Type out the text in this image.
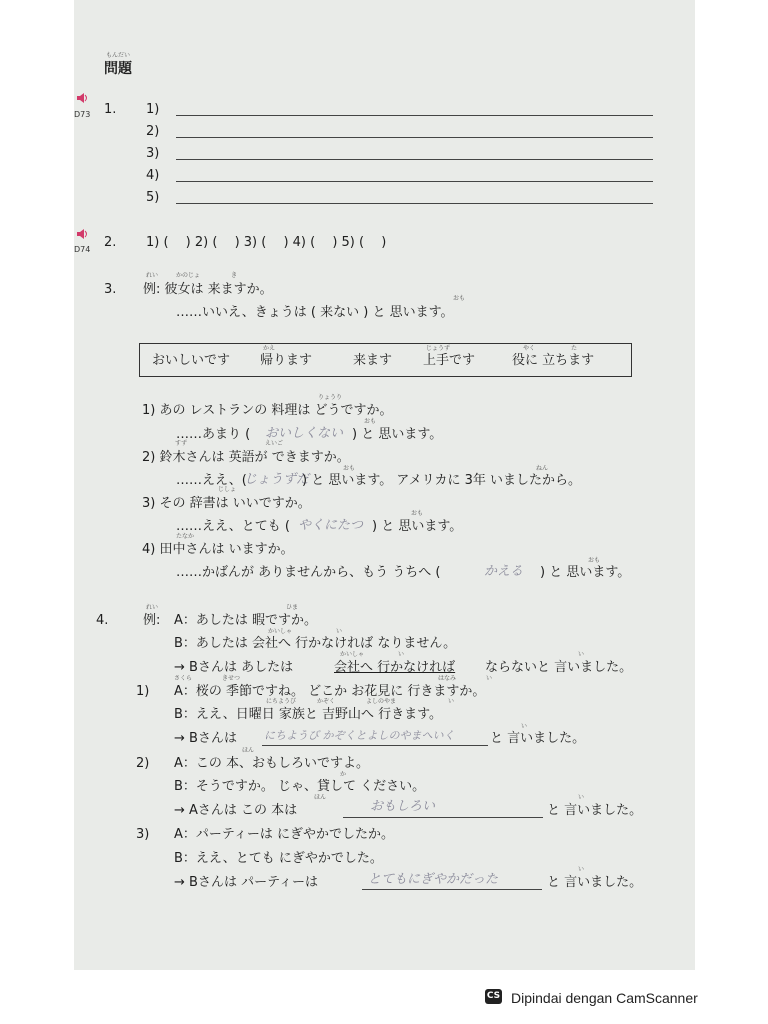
もんだい
問題
D73 1. 1)
2)
3)
4)
5)
D74 2. 1) (　 ) 2) (　 ) 3) (　 ) 4) (　 ) 5) (　 )
れい	かのじょ	き
3. 例: 彼女は 来ますか。
おも
……いいえ、きょうは ( 来ない ) と 思います。
かえ	じょうず	やく	た
おいしいです 帰ります	来ます 上手です	役に 立ちます
りょうり
1) あの レストランの 料理は どうですか。
おも
……あまり ( おいしくない ) と 思います。
すず	えいご
2) 鈴木さんは 英語が できますか。
おも	ねん
……ええ、(
じょうずだ
) と 思います。 アメリカに 3年 いましたから。
じしょ
3) その 辞書は いいですか。
おも
……ええ、とても ( やくにたつ ) と 思います。
たなか
4) 田中さんは いますか。
おも
……かばんが ありませんから、もう うちへ (	かえる ) と 思います。
れい	ひま
4.	例: A：あしたは 暇ですか。
かいしゃ	い
B：あしたは 会社へ 行かなければ なりません。
かいしゃ	い	い
→ Bさんは あしたは	会社へ 行かなければ ならないと 言いました。
さくら	きせつ	はなみ	い
1) A：桜の 季節ですね。 どこか お花見に 行きますか。
にちようび	かぞく	よしのやま	い
B：ええ、日曜日 家族と 吉野山へ 行きます。
い
→ Bさんは にちようび かぞくとよしのやまへいく	と 言いました。
ほん
2) A：この 本、おもしろいですよ。
か
B：そうですか。 じゃ、貸して ください。
ほん	い
→ Aさんは この 本は	おもしろい	と 言いました。
3) A：パーティーは にぎやかでしたか。
B：ええ、とても にぎやかでした。
い
→ Bさんは パーティーは	とてもにぎやかだった	と 言いました。
CS Dipindai dengan CamScanner
